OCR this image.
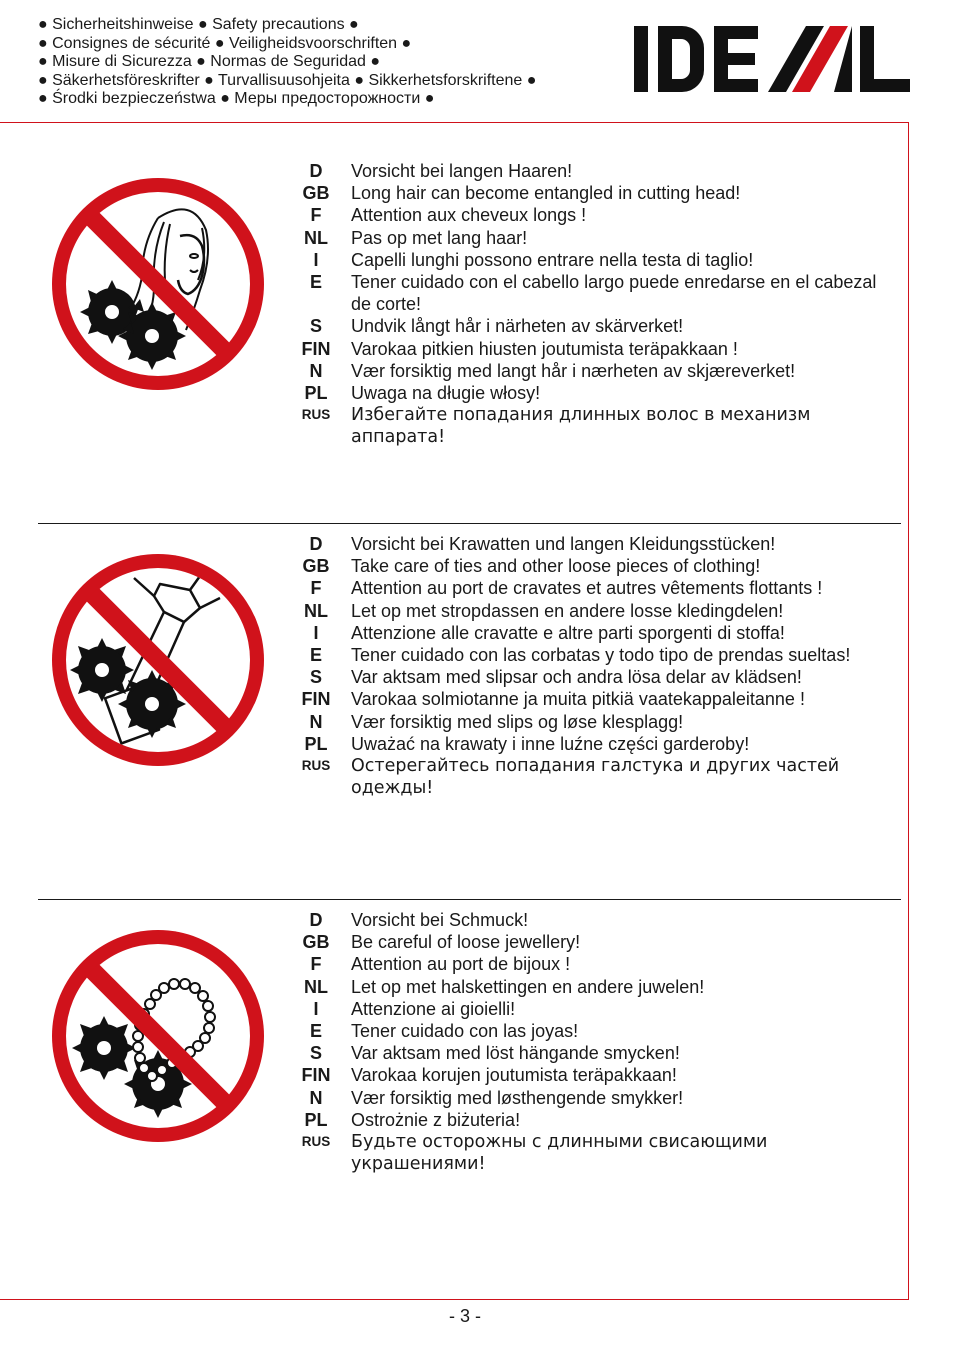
● Sicherheitshinweise ● Safety precautions ●
● Consignes de sécurité ● Veiligheidsvoorschriften ●
● Misure di Sicurezza ● Normas de Seguridad ●
● Säkerhetsföreskrifter ● Turvallisuusohjeita ● Sikkerhetsforskriftene ●
● Środki bezpieczeństwa ● Меры предосторожности ●
D	Vorsicht bei langen Haaren!
GB	Long hair can become entangled in cutting head!
F	Attention aux cheveux longs !
NL	Pas op met lang haar!
I	Capelli lunghi possono entrare nella testa di taglio!
E	Tener cuidado con el cabello largo puede enredarse en el cabezal de corte!
S	Undvik långt hår i närheten av skärverket!
FIN	Varokaa pitkien hiusten joutumista teräpakkaan !
N	Vær forsiktig med langt hår i nærheten av skjæreverket!
PL	Uwaga na długie włosy!
RUS	Избегайте попадания длинных волос в механизм аппарата!
D	Vorsicht bei Krawatten und langen Kleidungsstücken!
GB	Take care of ties and other loose pieces of clothing!
F	Attention au port de cravates et autres vêtements flottants !
NL	Let op met stropdassen en andere losse kledingdelen!
I	Attenzione alle cravatte e altre parti sporgenti di stoffa!
E	Tener cuidado con las corbatas y todo tipo de prendas sueltas!
S	Var aktsam med slipsar och andra lösa delar av klädsen!
FIN	Varokaa solmiotanne ja muita pitkiä vaatekappaleitanne !
N	Vær forsiktig med slips og løse klesplagg!
PL	Uważać na krawaty i inne luźne części garderoby!
RUS	Остерегайтесь попадания галстука и других частей одежды!
D	Vorsicht bei Schmuck!
GB	Be careful of loose jewellery!
F	Attention au port de bijoux !
NL	Let op met halskettingen en andere juwelen!
I	Attenzione ai gioielli!
E	Tener cuidado con las joyas!
S	Var aktsam med löst hängande smycken!
FIN	Varokaa korujen joutumista teräpakkaan!
N	Vær forsiktig med løsthengende smykker!
PL	Ostrożnie z biżuteria!
RUS	Будьте осторожны с длинными свисающими украшениями!
- 3 -
